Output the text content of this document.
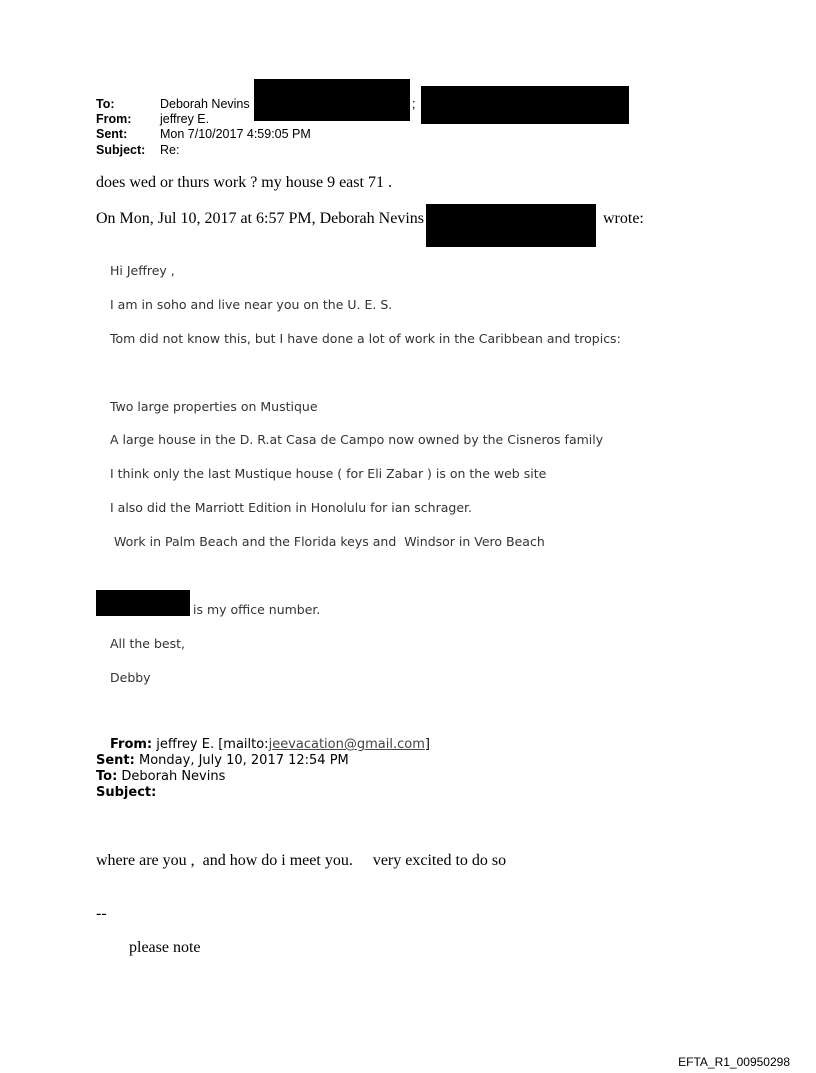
To:	Deborah Nevins	;
From: jeffrey E.
Sent:	Mon 7/10/2017 4:59:05 PM
Subject: Re:
does wed or thurs work ? my house 9 east 71 .
On Mon, Jul 10, 2017 at 6:57 PM, Deborah Nevins	wrote:
Hi Jeffrey ,
I am in soho and live near you on the U. E. S.
Tom did not know this, but I have done a lot of work in the Caribbean and tropics:
Two large properties on Mustique
A large house in the D. R.at Casa de Campo now owned by the Cisneros family
I think only the last Mustique house ( for Eli Zabar ) is on the web site
I also did the Marriott Edition in Honolulu for ian schrager.
Work in Palm Beach and the Florida keys and  Windsor in Vero Beach
is my office number.
All the best,
Debby
From: jeffrey E. [mailto:jeevacation@gmail.com]
Sent: Monday, July 10, 2017 12:54 PM
To: Deborah Nevins
Subject:
where are you ,  and how do i meet you.     very excited to do so
--
please note
EFTA_R1_00950298
